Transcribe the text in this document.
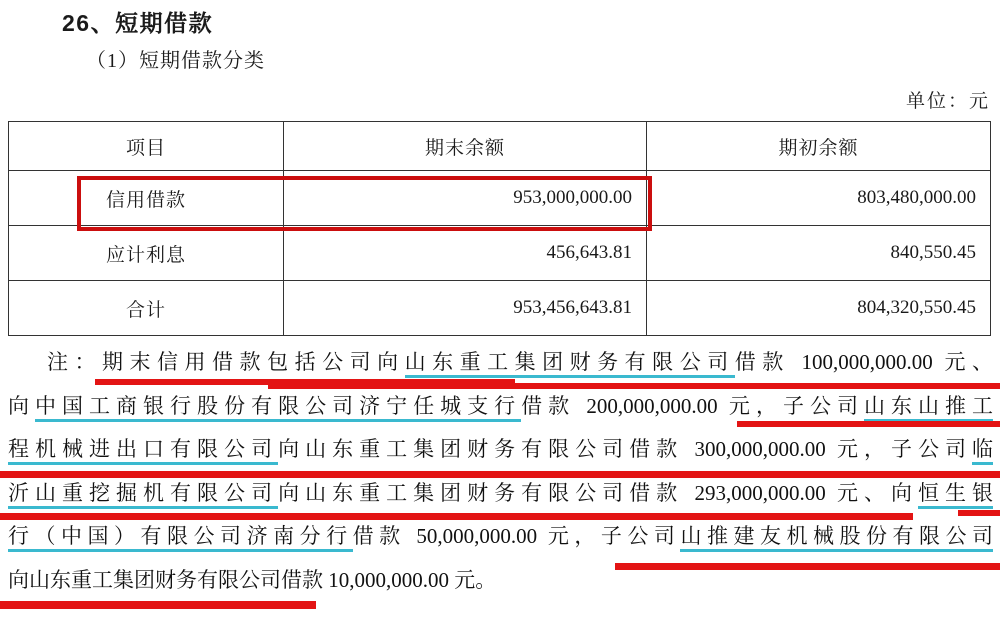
26、短期借款
（1）短期借款分类
单位：元
项目	期末余额	期初余额
信用借款	953,000,000.00	803,480,000.00
应计利息	456,643.81	840,550.45
合计	953,456,643.81	804,320,550.45
注：期末信用借款包括公司向山东重工集团财务有限公司借款 100,000,000.00 元、
向中国工商银行股份有限公司济宁任城支行借款 200,000,000.00 元，子公司山东山推工
程机械进出口有限公司向山东重工集团财务有限公司借款 300,000,000.00 元，子公司临
沂山重挖掘机有限公司向山东重工集团财务有限公司借款 293,000,000.00 元、向恒生银
行（中国）有限公司济南分行借款 50,000,000.00 元，子公司山推建友机械股份有限公司
向山东重工集团财务有限公司借款 10,000,000.00 元。
